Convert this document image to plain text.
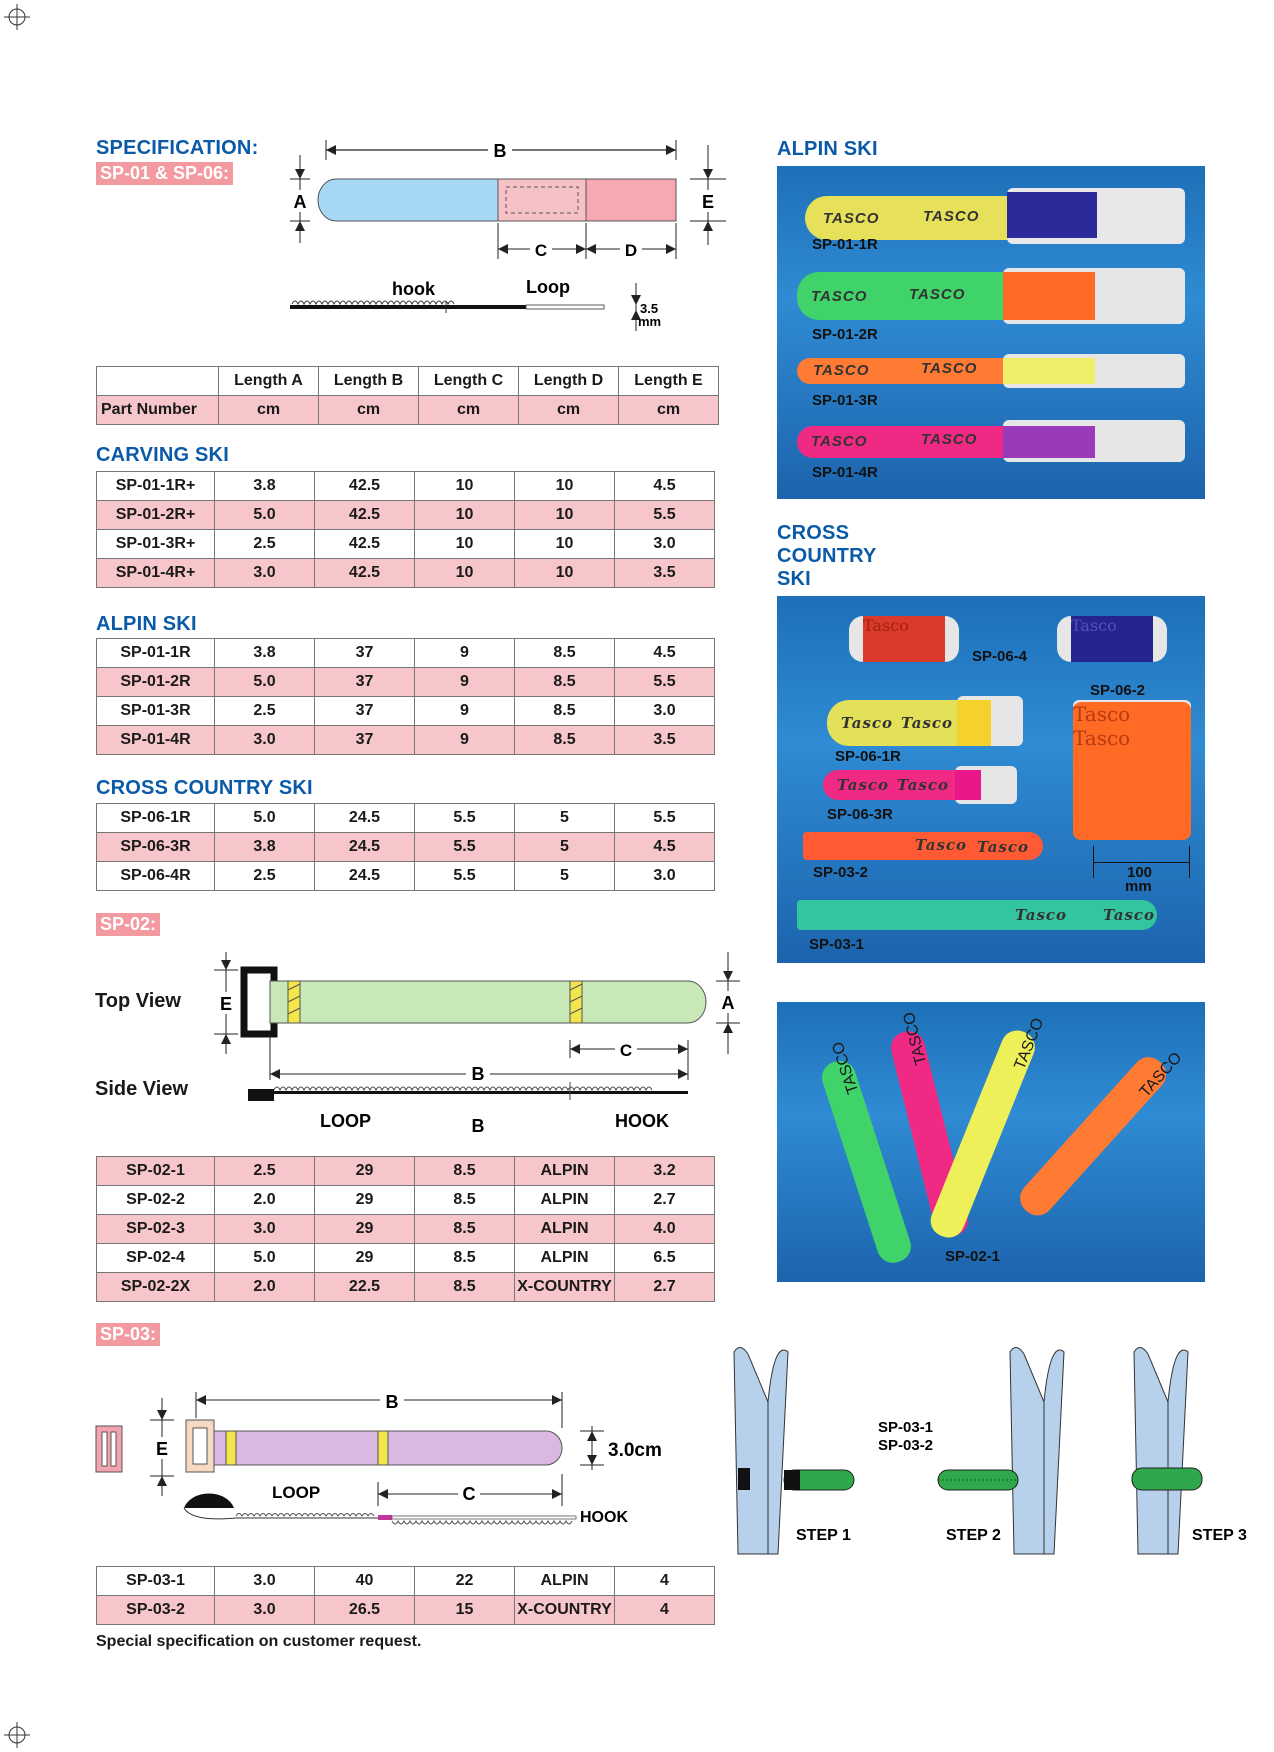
SPECIFICATION:
SP-01 & SP-06:
B
A	E
C	D
hook	Loop
3.5
mm
	Length A	Length B	Length C	Length D	Length E
Part Number	cm	cm	cm	cm	cm
CARVING SKI
SP-01-1R+	3.8	42.5	10	10	4.5
SP-01-2R+	5.0	42.5	10	10	5.5
SP-01-3R+	2.5	42.5	10	10	3.0
SP-01-4R+	3.0	42.5	10	10	3.5
ALPIN SKI
SP-01-1R	3.8	37	9	8.5	4.5
SP-01-2R	5.0	37	9	8.5	5.5
SP-01-3R	2.5	37	9	8.5	3.0
SP-01-4R	3.0	37	9	8.5	3.5
CROSS COUNTRY SKI
SP-06-1R	5.0	24.5	5.5	5	5.5
SP-06-3R	3.8	24.5	5.5	5	4.5
SP-06-4R	2.5	24.5	5.5	5	3.0
SP-02:
Top View
Side View
E	A
C
B
LOOP	B	HOOK
SP-02-1	2.5	29	8.5	ALPIN	3.2
SP-02-2	2.0	29	8.5	ALPIN	2.7
SP-02-3	3.0	29	8.5	ALPIN	4.0
SP-02-4	5.0	29	8.5	ALPIN	6.5
SP-02-2X	2.0	22.5	8.5	X-COUNTRY	2.7
SP-03:
E
B
3.0cm
C
LOOP
HOOK
SP-03-1	3.0	40	22	ALPIN	4
SP-03-2	3.0	26.5	15	X-COUNTRY	4
Special specification on customer request.
ALPIN SKI
TASCO	TASCO
SP-01-1R
TASCO	TASCO
SP-01-2R
TASCO	TASCO
SP-01-3R
TASCO	TASCO
SP-01-4R
CROSS
COUNTRY
SKI
Tasco	Tasco
SP-06-4
SP-06-2
Tasco Tasco
Tasco Tasco
SP-06-1R
Tasco Tasco
SP-06-3R
Tasco Tasco
SP-03-2	100
mm
Tasco Tasco
SP-03-1
TASCO
TASCO	TASCO
TASCO
SP-02-1
STEP 1
SP-03-1
SP-03-2
STEP 2	STEP 3
